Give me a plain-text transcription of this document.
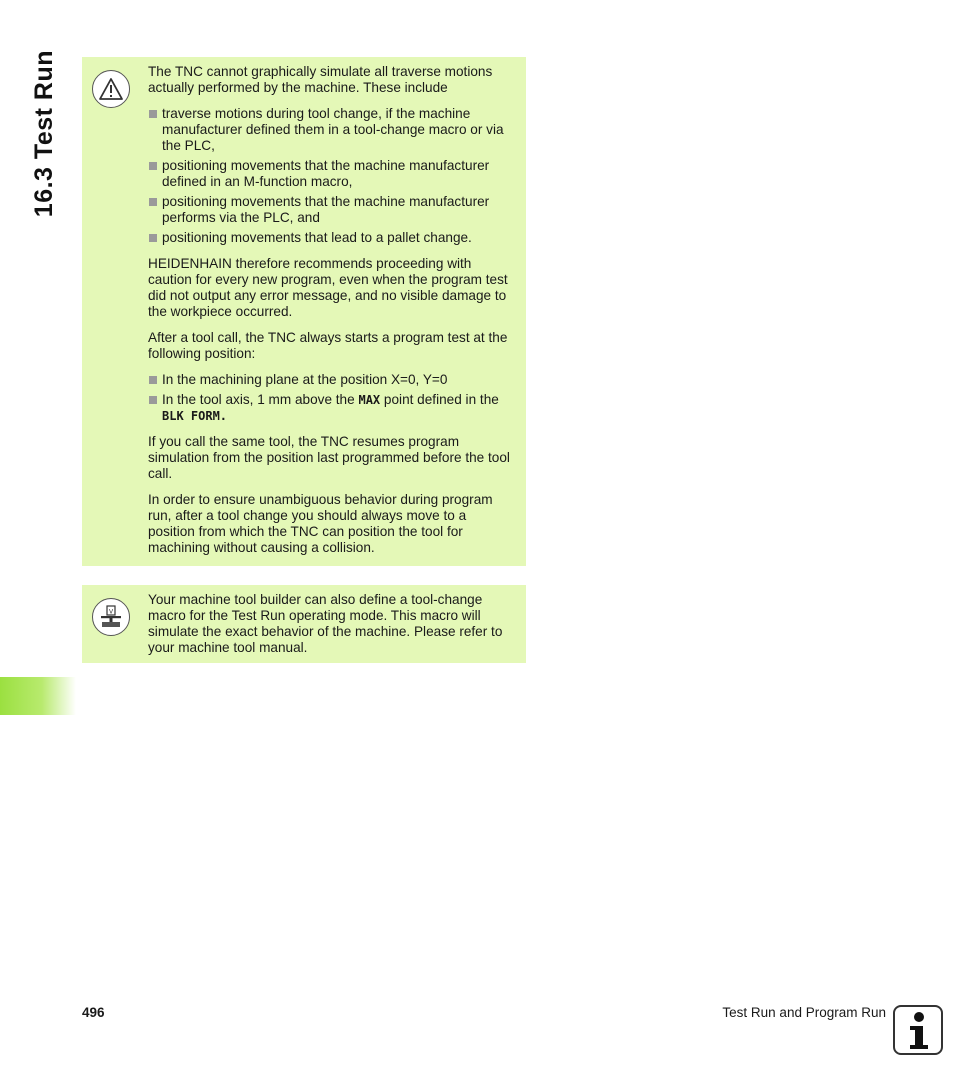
16.3 Test Run	The TNC cannot graphically simulate all traverse motions actually performed by the machine. These include

traverse motions during tool change, if the machine manufacturer defined them in a tool-change macro or via the PLC,
positioning movements that the machine manufacturer defined in an M-function macro,
positioning movements that the machine manufacturer performs via the PLC, and
positioning movements that lead to a pallet change.

HEIDENHAIN therefore recommends proceeding with caution for every new program, even when the program test did not output any error message, and no visible damage to the workpiece occurred.

After a tool call, the TNC always starts a program test at the following position:

In the machining plane at the position X=0, Y=0
In the tool axis, 1 mm above the MAX point defined in the
BLK FORM.

If you call the same tool, the TNC resumes program simulation from the position last programmed before the tool call.

In order to ensure unambiguous behavior during program run, after a tool change you should always move to a position from which the TNC can position the tool for machining without causing a collision.

V

Your machine tool builder can also define a tool-change macro for the Test Run operating mode. This macro will simulate the exact behavior of the machine. Please refer to your machine tool manual.

496	Test Run and Program Run
